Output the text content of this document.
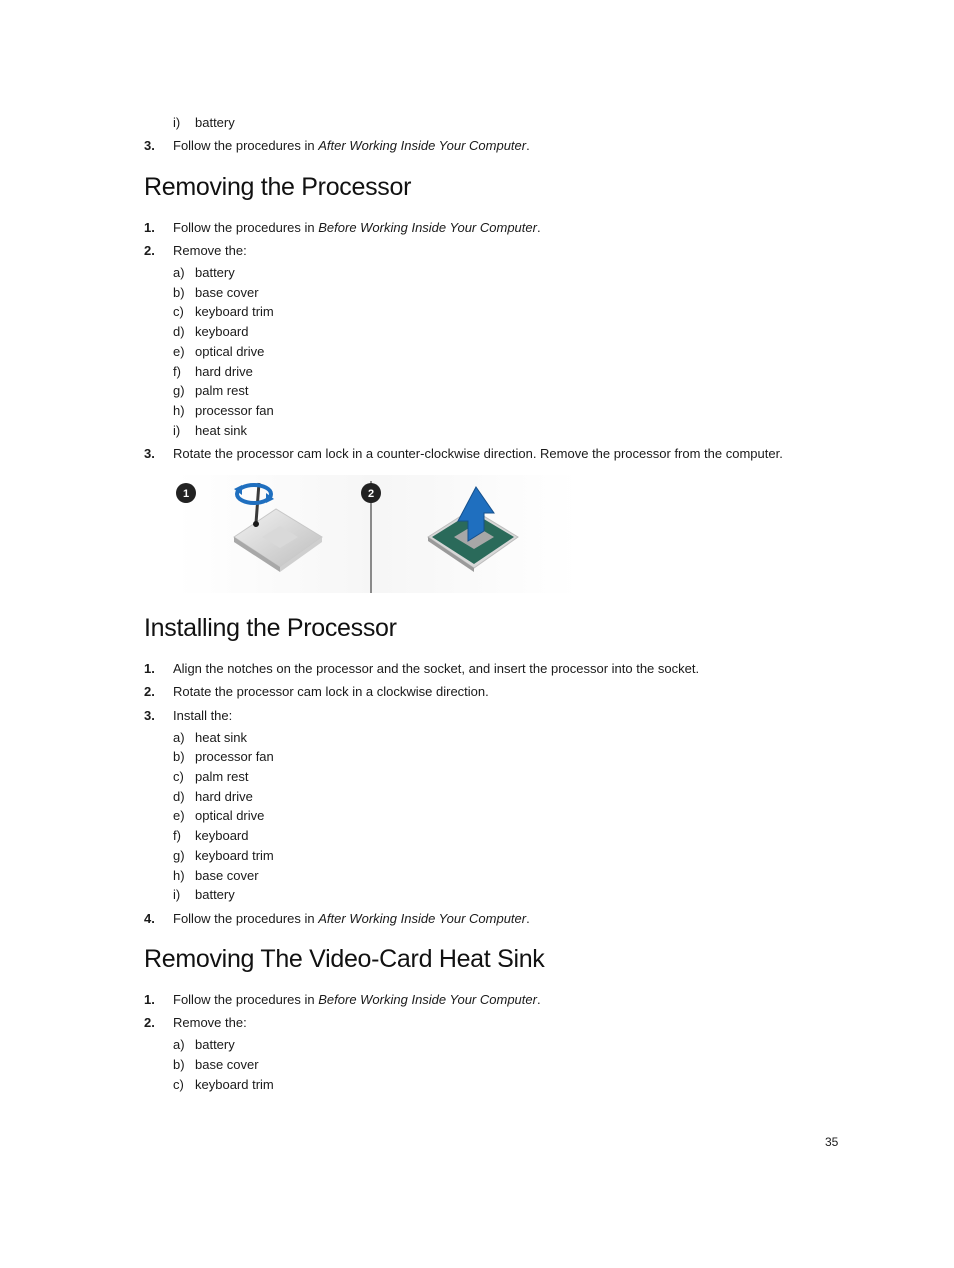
i) battery
3. Follow the procedures in After Working Inside Your Computer.
Removing the Processor
1. Follow the procedures in Before Working Inside Your Computer.
2. Remove the:
a) battery
b) base cover
c) keyboard trim
d) keyboard
e) optical drive
f) hard drive
g) palm rest
h) processor fan
i) heat sink
3. Rotate the processor cam lock in a counter-clockwise direction. Remove the processor from the computer.
1	2
Installing the Processor
1. Align the notches on the processor and the socket, and insert the processor into the socket.
2. Rotate the processor cam lock in a clockwise direction.
3. Install the:
a) heat sink
b) processor fan
c) palm rest
d) hard drive
e) optical drive
f) keyboard
g) keyboard trim
h) base cover
i) battery
4. Follow the procedures in After Working Inside Your Computer.
Removing The Video-Card Heat Sink
1. Follow the procedures in Before Working Inside Your Computer.
2. Remove the:
a) battery
b) base cover
c) keyboard trim
35
